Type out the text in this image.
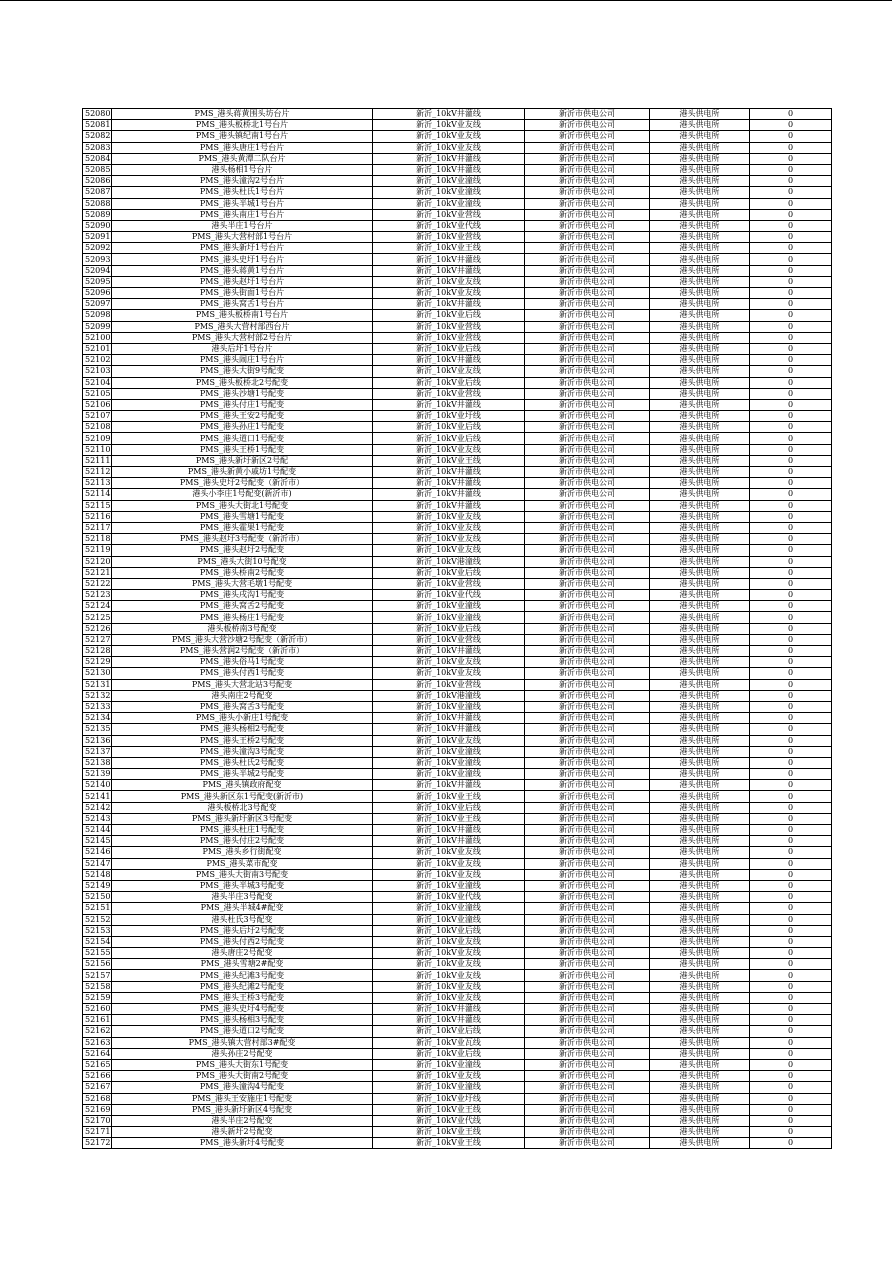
52080	PMS_港头蒋黄围头坊台片	新沂_10kV井灌线	新沂市供电公司	港头供电所	0
52081	PMS_港头板桥北1号台片	新沂_10kV业友线	新沂市供电公司	港头供电所	0
52082	PMS_港头镇纪南1号台片	新沂_10kV业友线	新沂市供电公司	港头供电所	0
52083	PMS_港头唐庄1号台片	新沂_10kV业友线	新沂市供电公司	港头供电所	0
52084	PMS_港头黄潭二队台片	新沂_10kV井灌线	新沂市供电公司	港头供电所	0
52085	港头杨相1号台片	新沂_10kV井灌线	新沂市供电公司	港头供电所	0
52086	PMS_港头潼沟2号台片	新沂_10kV业潼线	新沂市供电公司	港头供电所	0
52087	PMS_港头杜氏1号台片	新沂_10kV业潼线	新沂市供电公司	港头供电所	0
52088	PMS_港头半城1号台片	新沂_10kV业潼线	新沂市供电公司	港头供电所	0
52089	PMS_港头南庄1号台片	新沂_10kV业营线	新沂市供电公司	港头供电所	0
52090	港头半庄1号台片	新沂_10kV业代线	新沂市供电公司	港头供电所	0
52091	PMS_港头大营村部1号台片	新沂_10kV业营线	新沂市供电公司	港头供电所	0
52092	PMS_港头新圩1号台片	新沂_10kV业王线	新沂市供电公司	港头供电所	0
52093	PMS_港头史圩1号台片	新沂_10kV井灌线	新沂市供电公司	港头供电所	0
52094	PMS_港头蒋黄1号台片	新沂_10kV井灌线	新沂市供电公司	港头供电所	0
52095	PMS_港头赵圩1号台片	新沂_10kV业友线	新沂市供电公司	港头供电所	0
52096	PMS_港头街面1号台片	新沂_10kV业友线	新沂市供电公司	港头供电所	0
52097	PMS_港头窝舌1号台片	新沂_10kV井灌线	新沂市供电公司	港头供电所	0
52098	PMS_港头板桥南1号台片	新沂_10kV业后线	新沂市供电公司	港头供电所	0
52099	PMS_港头大营村部西台片	新沂_10kV业营线	新沂市供电公司	港头供电所	0
52100	PMS_港头大营村部2号台片	新沂_10kV业营线	新沂市供电公司	港头供电所	0
52101	港头后圩1号台片	新沂_10kV业后线	新沂市供电公司	港头供电所	0
52102	PMS_港头闹庄1号台片	新沂_10kV井灌线	新沂市供电公司	港头供电所	0
52103	PMS_港头大街9号配变	新沂_10kV业友线	新沂市供电公司	港头供电所	0
52104	PMS_港头板桥北2号配变	新沂_10kV业后线	新沂市供电公司	港头供电所	0
52105	PMS_港头沙塘1号配变	新沂_10kV业营线	新沂市供电公司	港头供电所	0
52106	PMS_港头付庄1号配变	新沂_10kV井灌线	新沂市供电公司	港头供电所	0
52107	PMS_港头王安2号配变	新沂_10kV业圩线	新沂市供电公司	港头供电所	0
52108	PMS_港头孙庄1号配变	新沂_10kV业后线	新沂市供电公司	港头供电所	0
52109	PMS_港头道口1号配变	新沂_10kV业后线	新沂市供电公司	港头供电所	0
52110	PMS_港头王桥1号配变	新沂_10kV业友线	新沂市供电公司	港头供电所	0
52111	PMS_港头新圩新区2号配	新沂_10kV业王线	新沂市供电公司	港头供电所	0
52112	PMS_港头新黄小戚坊1号配变	新沂_10kV井灌线	新沂市供电公司	港头供电所	0
52113	PMS_港头史圩2号配变（新沂市）	新沂_10kV井灌线	新沂市供电公司	港头供电所	0
52114	港头小李庄1号配变(新沂市)	新沂_10kV井灌线	新沂市供电公司	港头供电所	0
52115	PMS_港头大街北1号配变	新沂_10kV井灌线	新沂市供电公司	港头供电所	0
52116	PMS_港头雪塘1号配变	新沂_10kV业友线	新沂市供电公司	港头供电所	0
52117	PMS_港头霍果1号配变	新沂_10kV业友线	新沂市供电公司	港头供电所	0
52118	PMS_港头赵圩3号配变（新沂市）	新沂_10kV业友线	新沂市供电公司	港头供电所	0
52119	PMS_港头赵圩2号配变	新沂_10kV业友线	新沂市供电公司	港头供电所	0
52120	PMS_港头大街10号配变	新沂_10kV港潼线	新沂市供电公司	港头供电所	0
52121	PMS_港头桥南2号配变	新沂_10kV业后线	新沂市供电公司	港头供电所	0
52122	PMS_港头大营毛墩1号配变	新沂_10kV业营线	新沂市供电公司	港头供电所	0
52123	PMS_港头戌沟1号配变	新沂_10kV业代线	新沂市供电公司	港头供电所	0
52124	PMS_港头窝舌2号配变	新沂_10kV业潼线	新沂市供电公司	港头供电所	0
52125	PMS_港头杨庄1号配变	新沂_10kV业潼线	新沂市供电公司	港头供电所	0
52126	港头板桥南3号配变	新沂_10kV业后线	新沂市供电公司	港头供电所	0
52127	PMS_港头大营沙塘2号配变（新沂市）	新沂_10kV业营线	新沂市供电公司	港头供电所	0
52128	PMS_港头营润2号配变（新沂市）	新沂_10kV井灌线	新沂市供电公司	港头供电所	0
52129	PMS_港头俗马1号配变	新沂_10kV业友线	新沂市供电公司	港头供电所	0
52130	PMS_港头付西1号配变	新沂_10kV业友线	新沂市供电公司	港头供电所	0
52131	PMS_港头大营北站3号配变	新沂_10kV业营线	新沂市供电公司	港头供电所	0
52132	港头南庄2号配变	新沂_10kV港潼线	新沂市供电公司	港头供电所	0
52133	PMS_港头窝舌3号配变	新沂_10kV业潼线	新沂市供电公司	港头供电所	0
52134	PMS_港头小新庄1号配变	新沂_10kV井灌线	新沂市供电公司	港头供电所	0
52135	PMS_港头杨相2号配变	新沂_10kV井灌线	新沂市供电公司	港头供电所	0
52136	PMS_港头王桥2号配变	新沂_10kV业友线	新沂市供电公司	港头供电所	0
52137	PMS_港头潼沟3号配变	新沂_10kV业潼线	新沂市供电公司	港头供电所	0
52138	PMS_港头杜氏2号配变	新沂_10kV业潼线	新沂市供电公司	港头供电所	0
52139	PMS_港头半城2号配变	新沂_10kV业潼线	新沂市供电公司	港头供电所	0
52140	PMS_港头镇政府配变	新沂_10kV井灌线	新沂市供电公司	港头供电所	0
52141	PMS_港头新区东1号配变(新沂市)	新沂_10kV业王线	新沂市供电公司	港头供电所	0
52142	港头板桥北3号配变	新沂_10kV业后线	新沂市供电公司	港头供电所	0
52143	PMS_港头新圩新区3号配变	新沂_10kV业王线	新沂市供电公司	港头供电所	0
52144	PMS_港头杜庄1号配变	新沂_10kV井灌线	新沂市供电公司	港头供电所	0
52145	PMS_港头付庄2号配变	新沂_10kV井灌线	新沂市供电公司	港头供电所	0
52146	PMS_港头乡行街配变	新沂_10kV业友线	新沂市供电公司	港头供电所	0
52147	PMS_港头菜市配变	新沂_10kV业友线	新沂市供电公司	港头供电所	0
52148	PMS_港头大街南3号配变	新沂_10kV业友线	新沂市供电公司	港头供电所	0
52149	PMS_港头半城3号配变	新沂_10kV业潼线	新沂市供电公司	港头供电所	0
52150	港头半庄3号配变	新沂_10kV业代线	新沂市供电公司	港头供电所	0
52151	PMS_港头半城4#配变	新沂_10kV业潼线	新沂市供电公司	港头供电所	0
52152	港头杜氏3号配变	新沂_10kV业潼线	新沂市供电公司	港头供电所	0
52153	PMS_港头后圩2号配变	新沂_10kV业后线	新沂市供电公司	港头供电所	0
52154	PMS_港头付西2号配变	新沂_10kV业友线	新沂市供电公司	港头供电所	0
52155	港头唐庄2号配变	新沂_10kV业友线	新沂市供电公司	港头供电所	0
52156	PMS_港头雪塘2#配变	新沂_10kV业友线	新沂市供电公司	港头供电所	0
52157	PMS_港头纪滩3号配变	新沂_10kV业友线	新沂市供电公司	港头供电所	0
52158	PMS_港头纪滩2号配变	新沂_10kV业友线	新沂市供电公司	港头供电所	0
52159	PMS_港头王桥3号配变	新沂_10kV业友线	新沂市供电公司	港头供电所	0
52160	PMS_港头史圩4号配变	新沂_10kV井灌线	新沂市供电公司	港头供电所	0
52161	PMS_港头杨相3号配变	新沂_10kV井灌线	新沂市供电公司	港头供电所	0
52162	PMS_港头道口2号配变	新沂_10kV业后线	新沂市供电公司	港头供电所	0
52163	PMS_港头镇大营村部3#配变	新沂_10kV业瓦线	新沂市供电公司	港头供电所	0
52164	港头孙庄2号配变	新沂_10kV业后线	新沂市供电公司	港头供电所	0
52165	PMS_港头大街东1号配变	新沂_10kV业潼线	新沂市供电公司	港头供电所	0
52166	PMS_港头大街南2号配变	新沂_10kV业友线	新沂市供电公司	港头供电所	0
52167	PMS_港头潼沟4号配变	新沂_10kV业潼线	新沂市供电公司	港头供电所	0
52168	PMS_港头王安施庄1号配变	新沂_10kV业圩线	新沂市供电公司	港头供电所	0
52169	PMS_港头新圩新区4号配变	新沂_10kV业王线	新沂市供电公司	港头供电所	0
52170	港头半庄2号配变	新沂_10kV业代线	新沂市供电公司	港头供电所	0
52171	港头新圩2号配变	新沂_10kV业王线	新沂市供电公司	港头供电所	0
52172	PMS_港头新圩4号配变	新沂_10kV业王线	新沂市供电公司	港头供电所	0
